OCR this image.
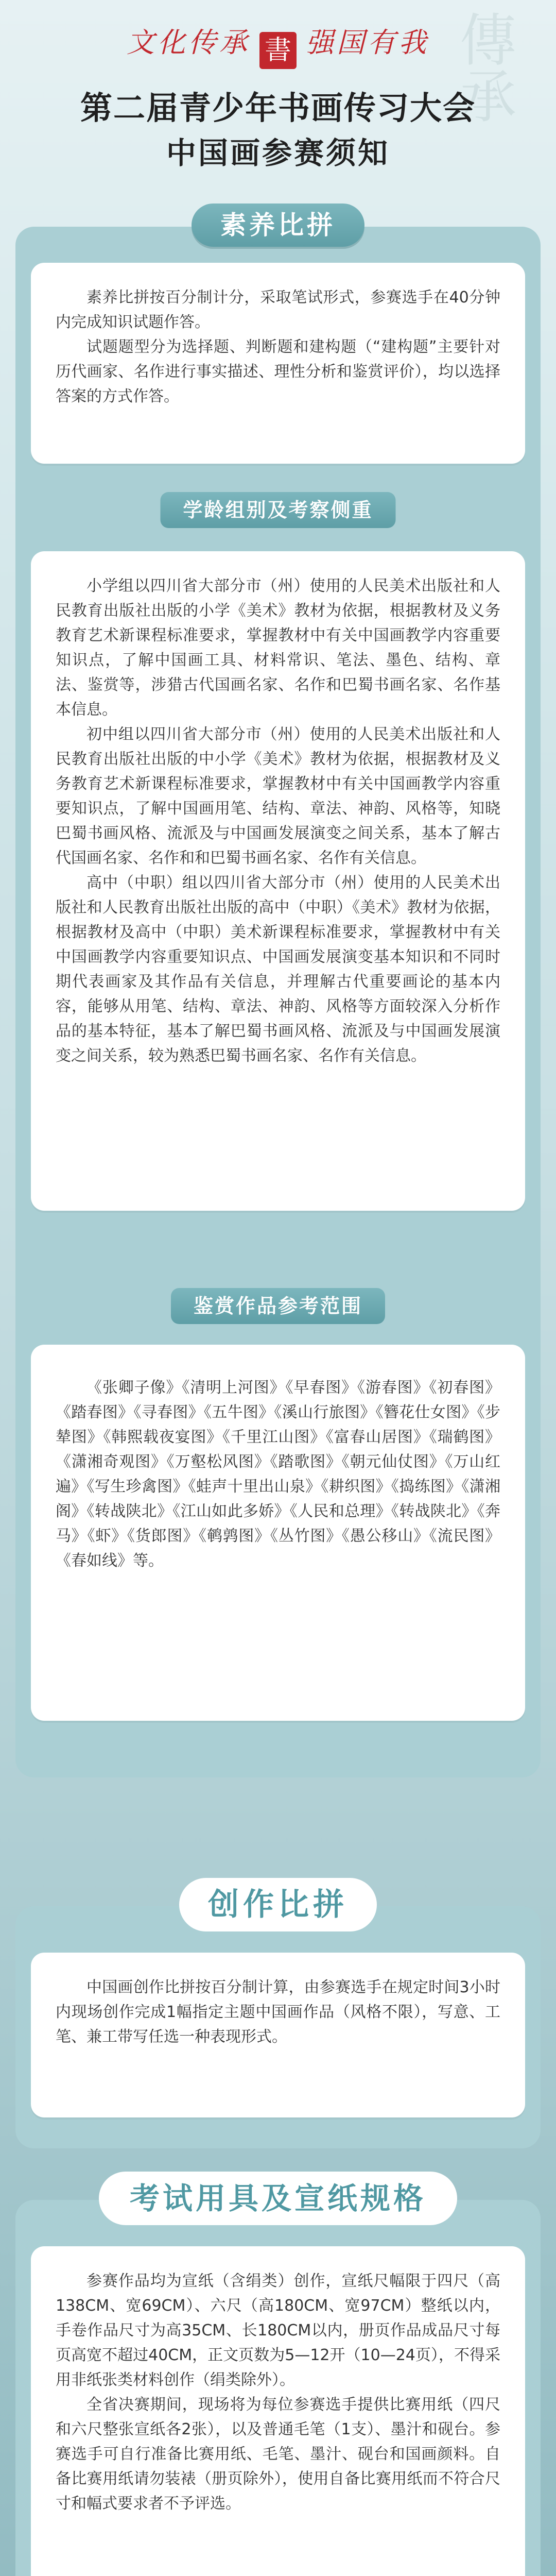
傳承
文化传承 書 强国有我
第二届青少年书画传习大会
中国画参赛须知
素养比拼

素养比拼按百分制计分，采取笔试形式，参赛选手在40分钟内完成知识试题作答。

试题题型分为选择题、判断题和建构题（“建构题”主要针对历代画家、名作进行事实描述、理性分析和鉴赏评价），均以选择答案的方式作答。

学龄组别及考察侧重

小学组以四川省大部分市（州）使用的人民美术出版社和人民教育出版社出版的小学《美术》教材为依据，根据教材及义务教育艺术新课程标准要求，掌握教材中有关中国画教学内容重要知识点，了解中国画工具、材料常识、笔法、墨色、结构、章法、鉴赏等，涉猎古代国画名家、名作和巴蜀书画名家、名作基本信息。

初中组以四川省大部分市（州）使用的人民美术出版社和人民教育出版社出版的中小学《美术》教材为依据，根据教材及义务教育艺术新课程标准要求，掌握教材中有关中国画教学内容重要知识点，了解中国画用笔、结构、章法、神韵、风格等，知晓巴蜀书画风格、流派及与中国画发展演变之间关系，基本了解古代国画名家、名作和和巴蜀书画名家、名作有关信息。

高中（中职）组以四川省大部分市（州）使用的人民美术出版社和人民教育出版社出版的高中（中职）《美术》教材为依据，根据教材及高中（中职）美术新课程标准要求，掌握教材中有关中国画教学内容重要知识点、中国画发展演变基本知识和不同时期代表画家及其作品有关信息，并理解古代重要画论的基本内容，能够从用笔、结构、章法、神韵、风格等方面较深入分析作品的基本特征，基本了解巴蜀书画风格、流派及与中国画发展演变之间关系，较为熟悉巴蜀书画名家、名作有关信息。

鉴赏作品参考范围

《张卿子像》《清明上河图》《早春图》《游春图》《初春图》《踏春图》《寻春图》《五牛图》《溪山行旅图》《簪花仕女图》《步辇图》《韩熙载夜宴图》《千里江山图》《富春山居图》《瑞鹤图》《潇湘奇观图》《万壑松风图》《踏歌图》《朝元仙仗图》《万山红遍》《写生珍禽图》《蛙声十里出山泉》《耕织图》《捣练图》《潇湘阁》《转战陕北》《江山如此多娇》《人民和总理》《转战陕北》《奔马》《虾》《货郎图》《鹌鹑图》《丛竹图》《愚公移山》《流民图》《春如线》等。

创作比拼

中国画创作比拼按百分制计算，由参赛选手在规定时间3小时内现场创作完成1幅指定主题中国画作品（风格不限），写意、工笔、兼工带写任选一种表现形式。

考试用具及宣纸规格

参赛作品均为宣纸（含绢类）创作，宣纸尺幅限于四尺（高138CM、宽69CM）、六尺（高180CM、宽97CM）整纸以内，手卷作品尺寸为高35CM、长180CM以内，册页作品成品尺寸每页高宽不超过40CM，正文页数为5—12开（10—24页），不得采用非纸张类材料创作（绢类除外）。

全省决赛期间，现场将为每位参赛选手提供比赛用纸（四尺和六尺整张宣纸各2张），以及普通毛笔（1支）、墨汁和砚台。参赛选手可自行准备比赛用纸、毛笔、墨汁、砚台和国画颜料。自备比赛用纸请勿装裱（册页除外），使用自备比赛用纸而不符合尺寸和幅式要求者不予评选。
